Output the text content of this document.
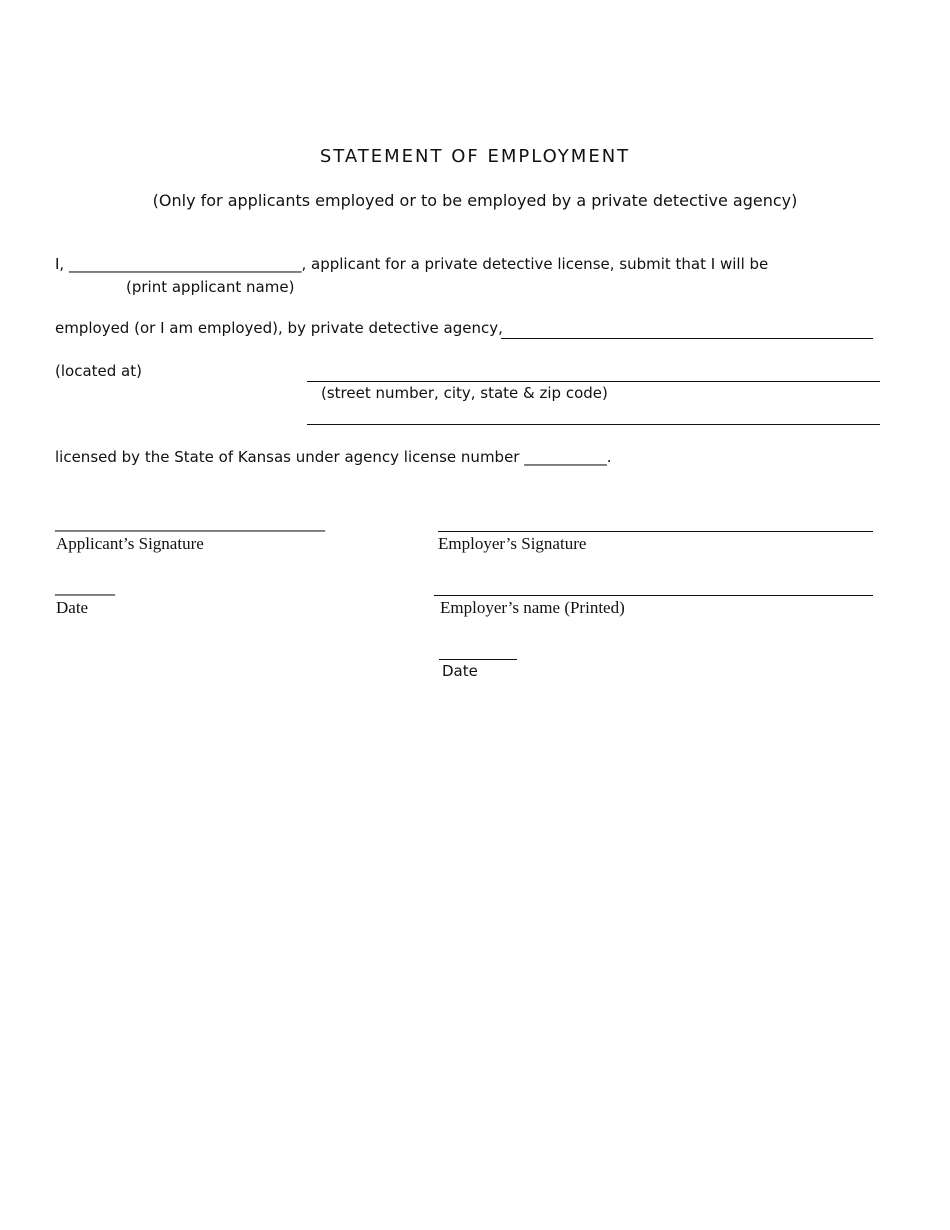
STATEMENT OF EMPLOYMENT
(Only for applicants employed or to be employed by a private detective agency)
I, _______________________________, applicant for a private detective license, submit that I will be
(print applicant name)
employed (or I am employed), by private detective agency,
(located at)
(street number, city, state & zip code)
licensed by the State of Kansas under agency license number ___________.
____________________________________
Applicant’s Signature
________
Date
Employer’s Signature
Employer’s name (Printed)
Date
